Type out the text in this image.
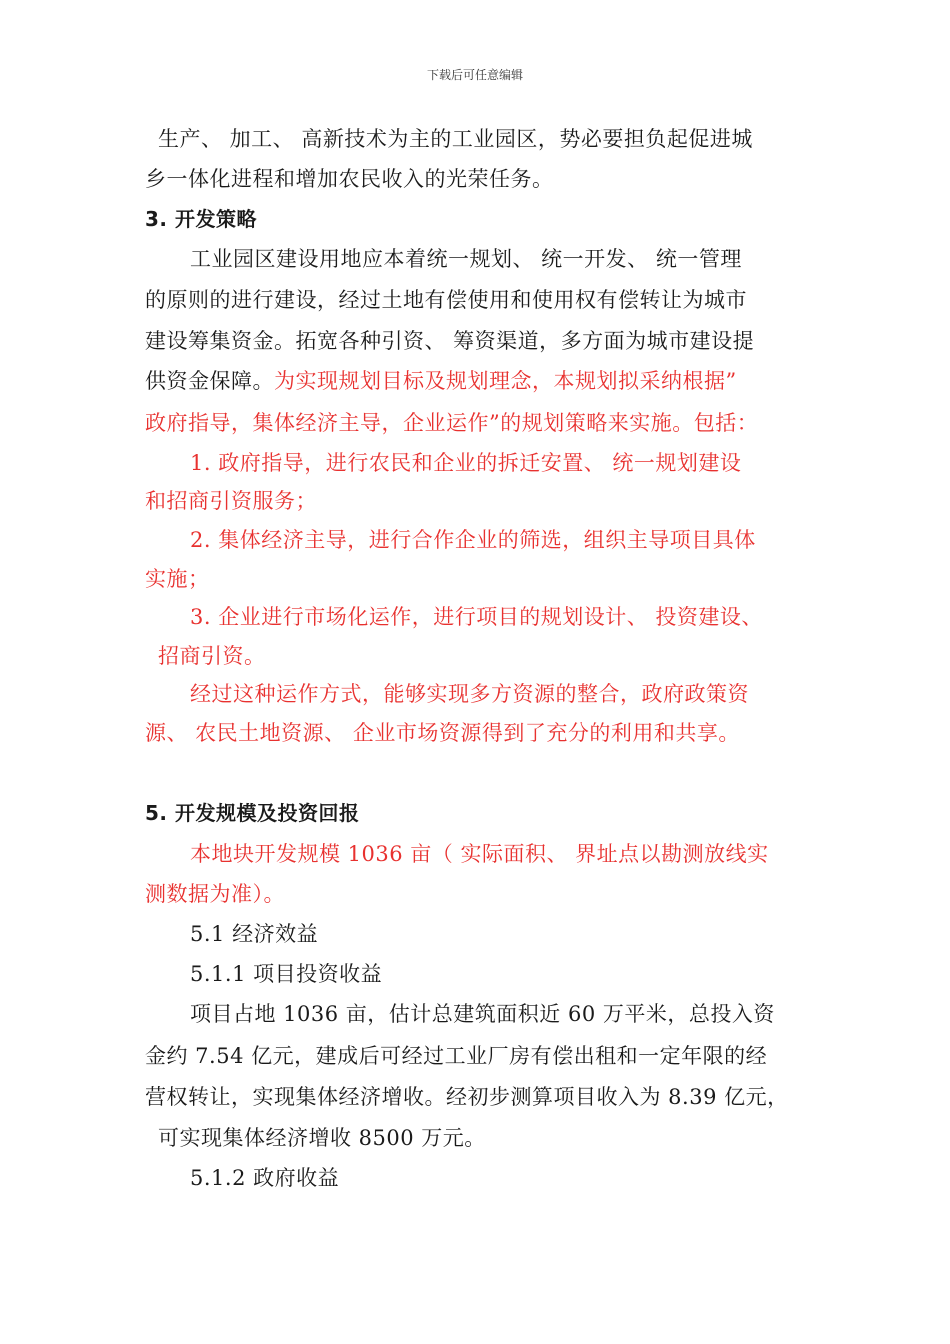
下载后可任意编辑
生产、 加工、 高新技术为主的工业园区，势必要担负起促进城
乡一体化进程和增加农民收入的光荣任务。
3. 开发策略
工业园区建设用地应本着统一规划、 统一开发、 统一管理
的原则的进行建设，经过土地有偿使用和使用权有偿转让为城市
建设筹集资金。拓宽各种引资、 筹资渠道，多方面为城市建设提
供资金保障。为实现规划目标及规划理念，本规划拟采纳根据”
政府指导，集体经济主导，企业运作”的规划策略来实施。包括：
1. 政府指导，进行农民和企业的拆迁安置、 统一规划建设
和招商引资服务；
2. 集体经济主导，进行合作企业的筛选，组织主导项目具体
实施；
3. 企业进行市场化运作，进行项目的规划设计、 投资建设、
招商引资。
经过这种运作方式，能够实现多方资源的整合，政府政策资
源、 农民土地资源、 企业市场资源得到了充分的利用和共享。
5. 开发规模及投资回报
本地块开发规模 1036 亩（ 实际面积、 界址点以勘测放线实
测数据为准）。
5.1 经济效益
5.1.1 项目投资收益
项目占地 1036 亩，估计总建筑面积近 60 万平米，总投入资
金约 7.54 亿元，建成后可经过工业厂房有偿出租和一定年限的经
营权转让，实现集体经济增收。经初步测算项目收入为 8.39 亿元，
可实现集体经济增收 8500 万元。
5.1.2 政府收益
